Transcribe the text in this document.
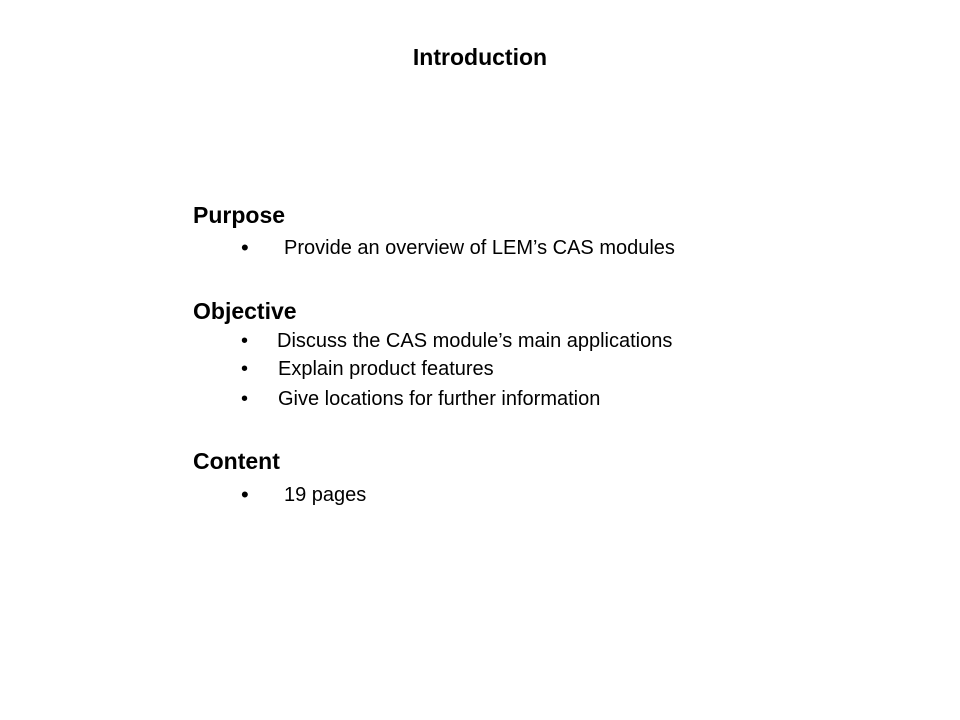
Introduction
Purpose
• Provide an overview of LEM’s CAS modules
Objective
• Discuss the CAS module’s main applications
• Explain product features
• Give locations for further information
Content
• 19 pages
